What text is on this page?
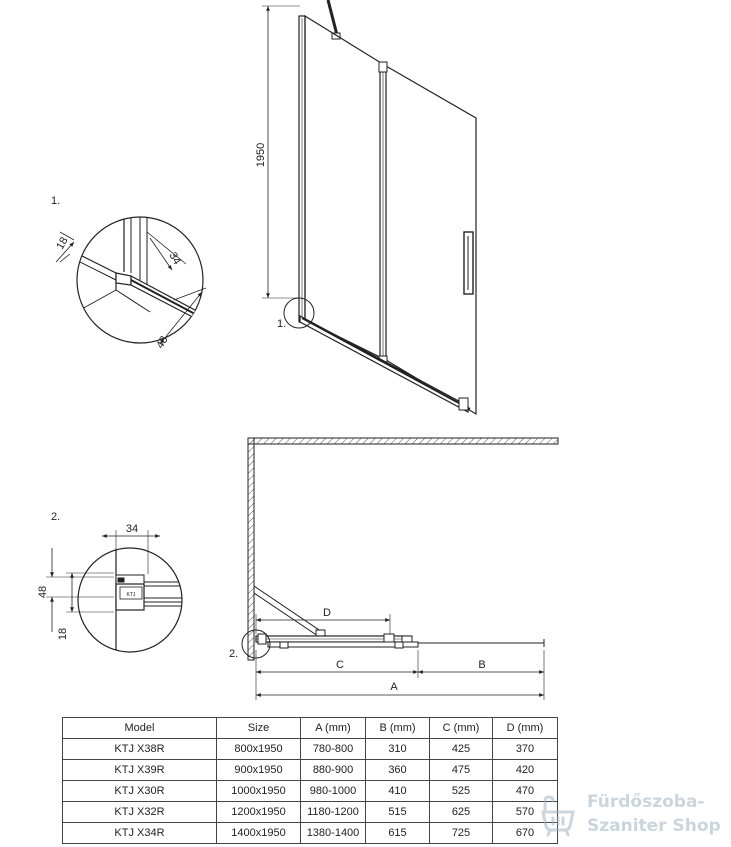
1950
1.
1.
18
34
48
D
C	B
A
2.
2.
34
48
18
KTJ
Model	Size	A (mm)	B (mm)	C (mm)	D (mm)
KTJ X38R	800x1950	780-800	310	425	370
KTJ X39R	900x1950	880-900	360	475	420
KTJ X30R	1000x1950	980-1000	410	525	470
KTJ X32R	1200x1950	1180-1200	515	625	570
KTJ X34R	1400x1950	1380-1400	615	725	670
Fürdőszoba-
Szaniter Shop
